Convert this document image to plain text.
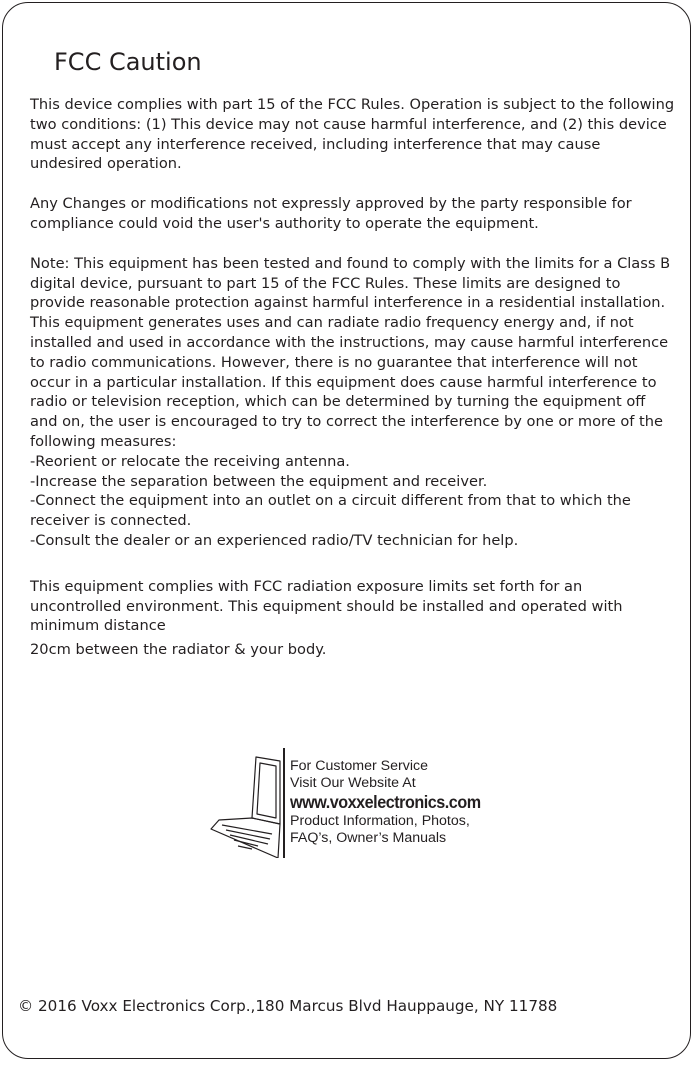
FCC Caution

This device complies with part 15 of the FCC Rules. Operation is subject to the following two conditions: (1) This device may not cause harmful interference, and (2) this device must accept any interference received, including interference that may cause undesired operation.

Any Changes or modifications not expressly approved by the party responsible for compliance could void the user's authority to operate the equipment.

Note: This equipment has been tested and found to comply with the limits for a Class B digital device, pursuant to part 15 of the FCC Rules. These limits are designed to provide reasonable protection against harmful interference in a residential installation. This equipment generates uses and can radiate radio frequency energy and, if not installed and used in accordance with the instructions, may cause harmful interference to radio communications. However, there is no guarantee that interference will not occur in a particular installation. If this equipment does cause harmful interference to radio or television reception, which can be determined by turning the equipment off and on, the user is encouraged to try to correct the interference by one or more of the following measures:

-Reorient or relocate the receiving antenna.

-Increase the separation between the equipment and receiver.

-Connect the equipment into an outlet on a circuit different from that to which the receiver is connected.

-Consult the dealer or an experienced radio/TV technician for help.

This equipment complies with FCC radiation exposure limits set forth for an uncontrolled environment. This equipment should be installed and operated with minimum distance

20cm between the radiator & your body.

For Customer Service
Visit Our Website At
www.voxxelectronics.com
Product Information, Photos,
FAQ’s, Owner’s Manuals

© 2016 Voxx Electronics Corp.,180 Marcus Blvd Hauppauge, NY 11788
